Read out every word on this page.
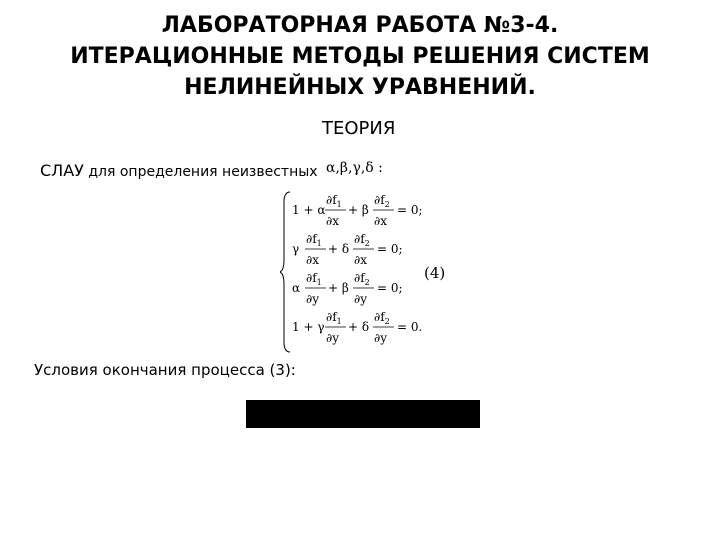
ЛАБОРАТОРНАЯ РАБОТА №3-4.
ИТЕРАЦИОННЫЕ МЕТОДЫ РЕШЕНИЯ СИСТЕМ
НЕЛИНЕЙНЫХ УРАВНЕНИЙ.
ТЕОРИЯ
СЛАУ для определения неизвестных α,β,γ,δ :
1 + α
$\partial f_1$
∂x
+ β
$\partial f_2$
∂x
= 0;
γ
$\partial f_1$
∂x
+ δ
$\partial f_2$
∂x
= 0;
α
$\partial f_1$
∂y
+ β
$\partial f_2$
∂y
= 0;
1 + γ
$\partial f_1$
∂y
+ δ
$\partial f_2$
∂y
= 0.
(4)
Условия окончания процесса (3):
